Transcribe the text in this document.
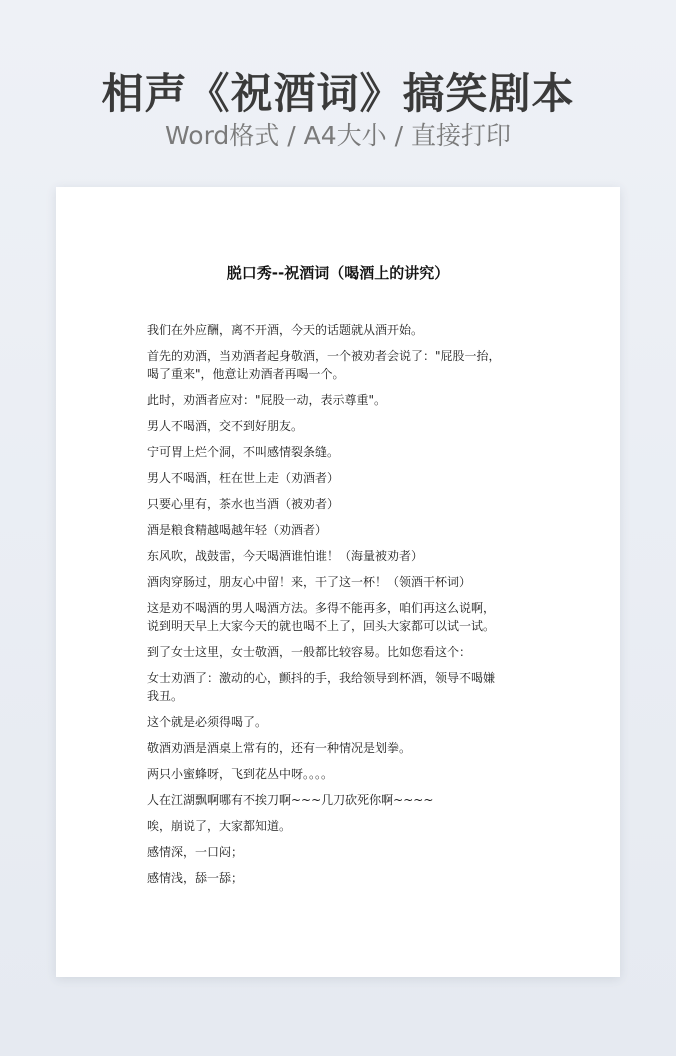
相声《祝酒词》搞笑剧本
Word格式 / A4大小 / 直接打印
脱口秀--祝酒词（喝酒上的讲究）

我们在外应酬，离不开酒，今天的话题就从酒开始。

首先的劝酒，当劝酒者起身敬酒，一个被劝者会说了："屁股一抬，
喝了重来"，他意让劝酒者再喝一个。

此时，劝酒者应对："屁股一动，表示尊重"。

男人不喝酒，交不到好朋友。

宁可胃上烂个洞，不叫感情裂条缝。

男人不喝酒，枉在世上走（劝酒者）

只要心里有，茶水也当酒（被劝者）

酒是粮食精越喝越年轻（劝酒者）

东风吹，战鼓雷，今天喝酒谁怕谁！（海量被劝者）

酒肉穿肠过，朋友心中留！来，干了这一杯！（领酒干杯词）

这是劝不喝酒的男人喝酒方法。多得不能再多，咱们再这么说啊，
说到明天早上大家今天的就也喝不上了，回头大家都可以试一试。

到了女士这里，女士敬酒，一般都比较容易。比如您看这个：

女士劝酒了：激动的心，颤抖的手，我给领导到杯酒，领导不喝嫌
我丑。

这个就是必须得喝了。

敬酒劝酒是酒桌上常有的，还有一种情况是划拳。

两只小蜜蜂呀，飞到花丛中呀。。。。

人在江湖飘啊哪有不挨刀啊~~~几刀砍死你啊~~~~

唉，崩说了，大家都知道。

感情深，一口闷；

感情浅，舔一舔；
